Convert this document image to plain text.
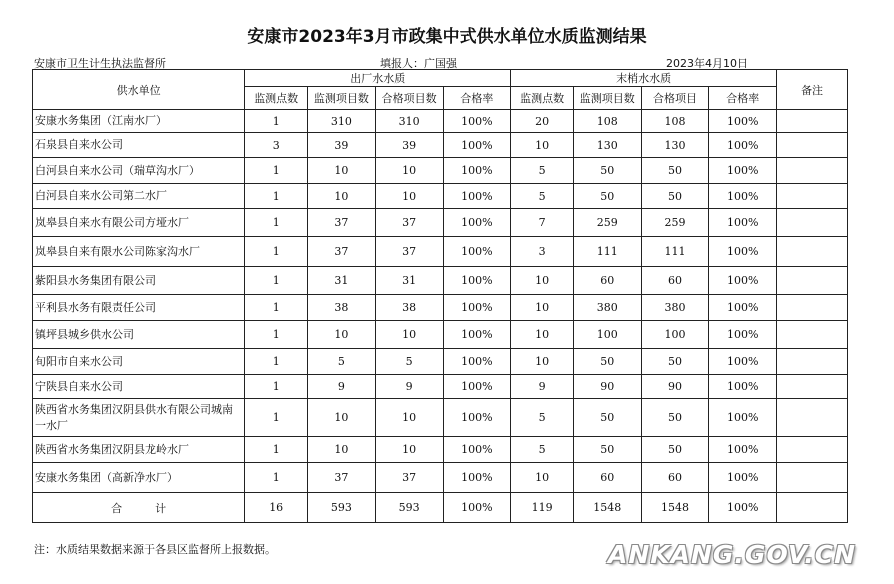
安康市2023年3月市政集中式供水单位水质监测结果
安康市卫生计生执法监督所	填报人：广国强	2023年4月10日
供水单位	出厂水水质				末梢水水质				备注
	监测点数	监测项目数	合格项目数	合格率	监测点数	监测项目数	合格项目	合格率	
安康水务集团（江南水厂）	1	310	310	100%	20	108	108	100%	
石泉县自来水公司	3	39	39	100%	10	130	130	100%	
白河县自来水公司（瑞草沟水厂）	1	10	10	100%	5	50	50	100%	
白河县自来水公司第二水厂	1	10	10	100%	5	50	50	100%	
岚皋县自来水有限公司方垭水厂	1	37	37	100%	7	259	259	100%	
岚皋县自来有限水公司陈家沟水厂	1	37	37	100%	3	111	111	100%	
紫阳县水务集团有限公司	1	31	31	100%	10	60	60	100%	
平利县水务有限责任公司	1	38	38	100%	10	380	380	100%	
镇坪县城乡供水公司	1	10	10	100%	10	100	100	100%	
旬阳市自来水公司	1	5	5	100%	10	50	50	100%	
宁陕县自来水公司	1	9	9	100%	9	90	90	100%	
陕西省水务集团汉阴县供水有限公司城南一水厂	1	10	10	100%	5	50	50	100%	
陕西省水务集团汉阴县龙岭水厂	1	10	10	100%	5	50	50	100%	
安康水务集团（高新净水厂）	1	37	37	100%	10	60	60	100%	
合　　　计	16	593	593	100%	119	1548	1548	100%	
注：水质结果数据来源于各县区监督所上报数据。	ANKANG.GOV.CN
